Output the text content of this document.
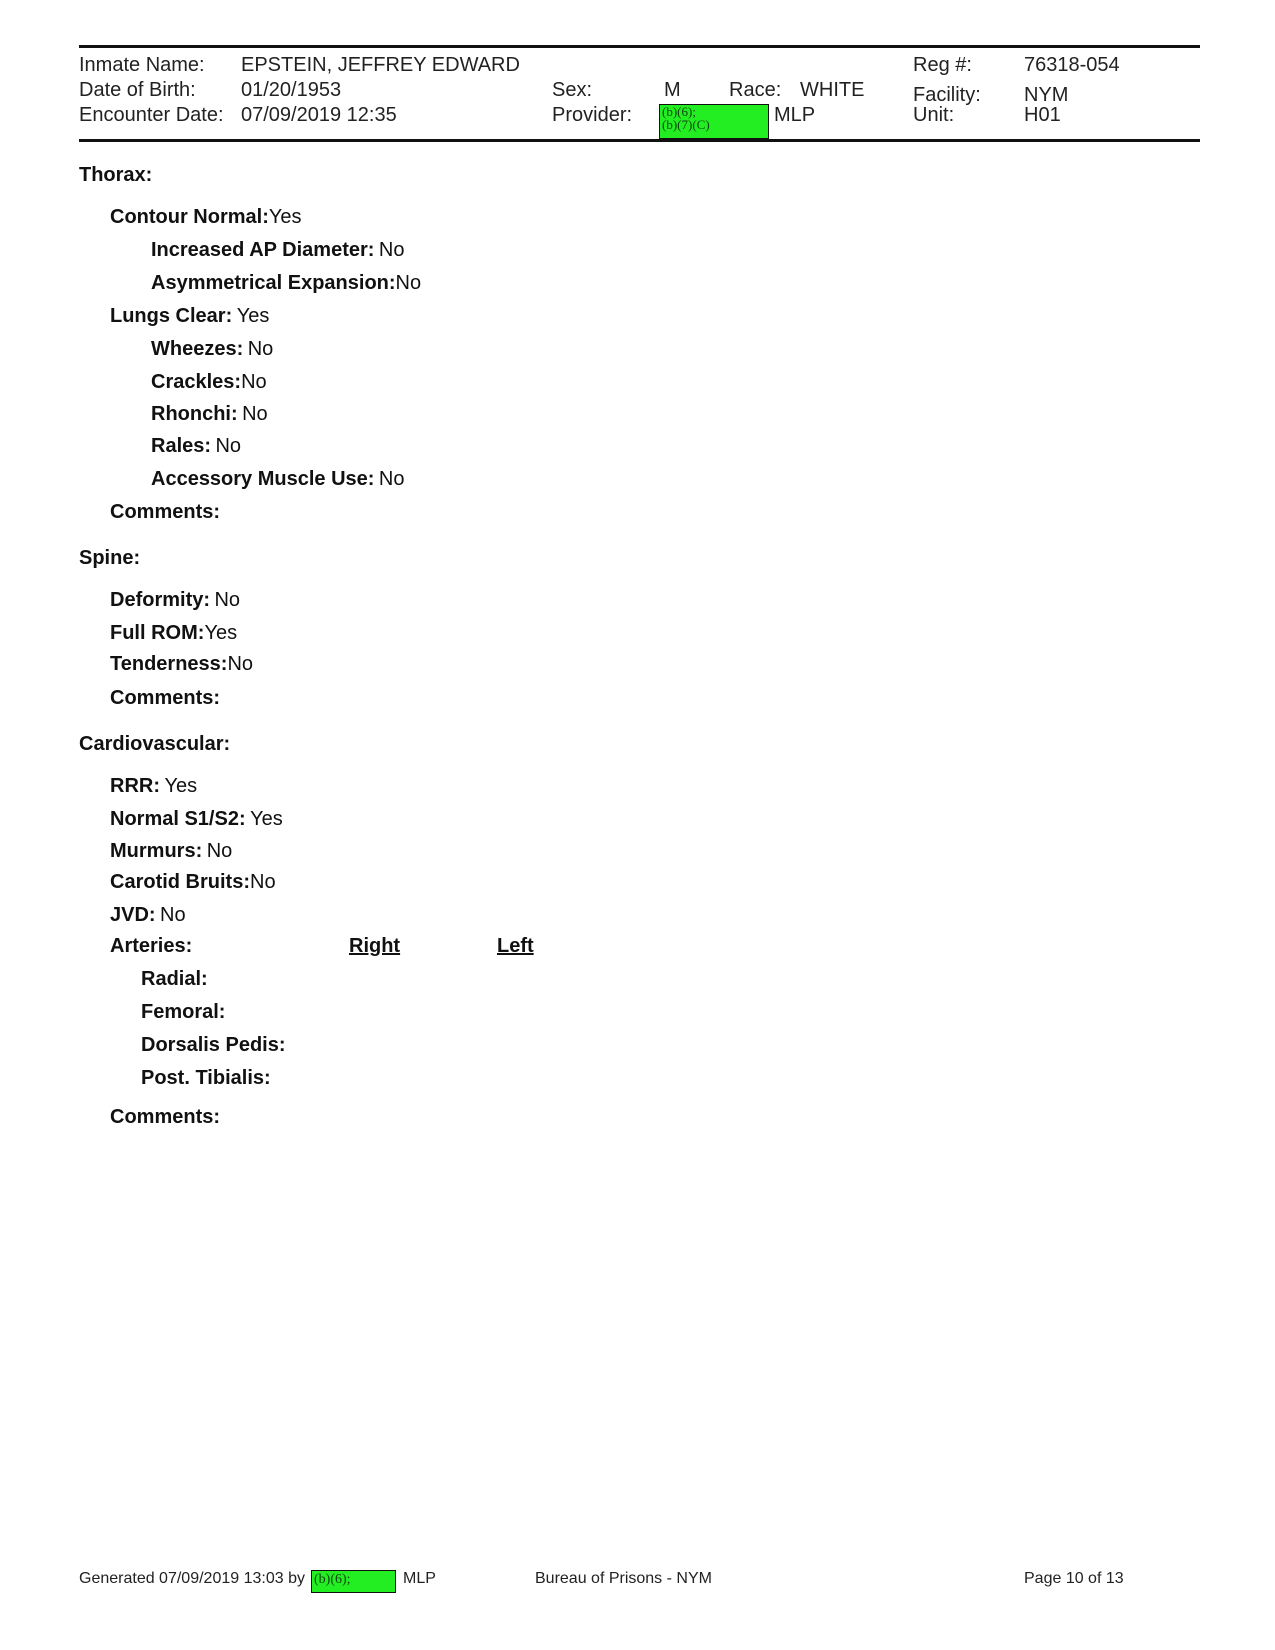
Inmate Name: EPSTEIN, JEFFREY EDWARD
Date of Birth: 01/20/1953
Encounter Date: 07/09/2019 12:35
Sex:	M Race: WHITE
Provider: (b)(6);
(b)(7)(C)	MLP
Reg #:	76318-054
Facility: NYM
Unit:	H01
Thorax:
Contour Normal:Yes
Increased AP Diameter: No
Asymmetrical Expansion:No
Lungs Clear: Yes
Wheezes: No
Crackles:No
Rhonchi: No
Rales: No
Accessory Muscle Use: No
Comments:
Spine:
Deformity: No
Full ROM:Yes
Tenderness:No
Comments:
Cardiovascular:
RRR: Yes
Normal S1/S2: Yes
Murmurs: No
Carotid Bruits:No
JVD: No
Arteries:	Right	Left
Radial:
Femoral:
Dorsalis Pedis:
Post. Tibialis:
Comments:
Generated 07/09/2019 13:03 by (b)(6);	MLP	Bureau of Prisons - NYM	Page 10 of 13
